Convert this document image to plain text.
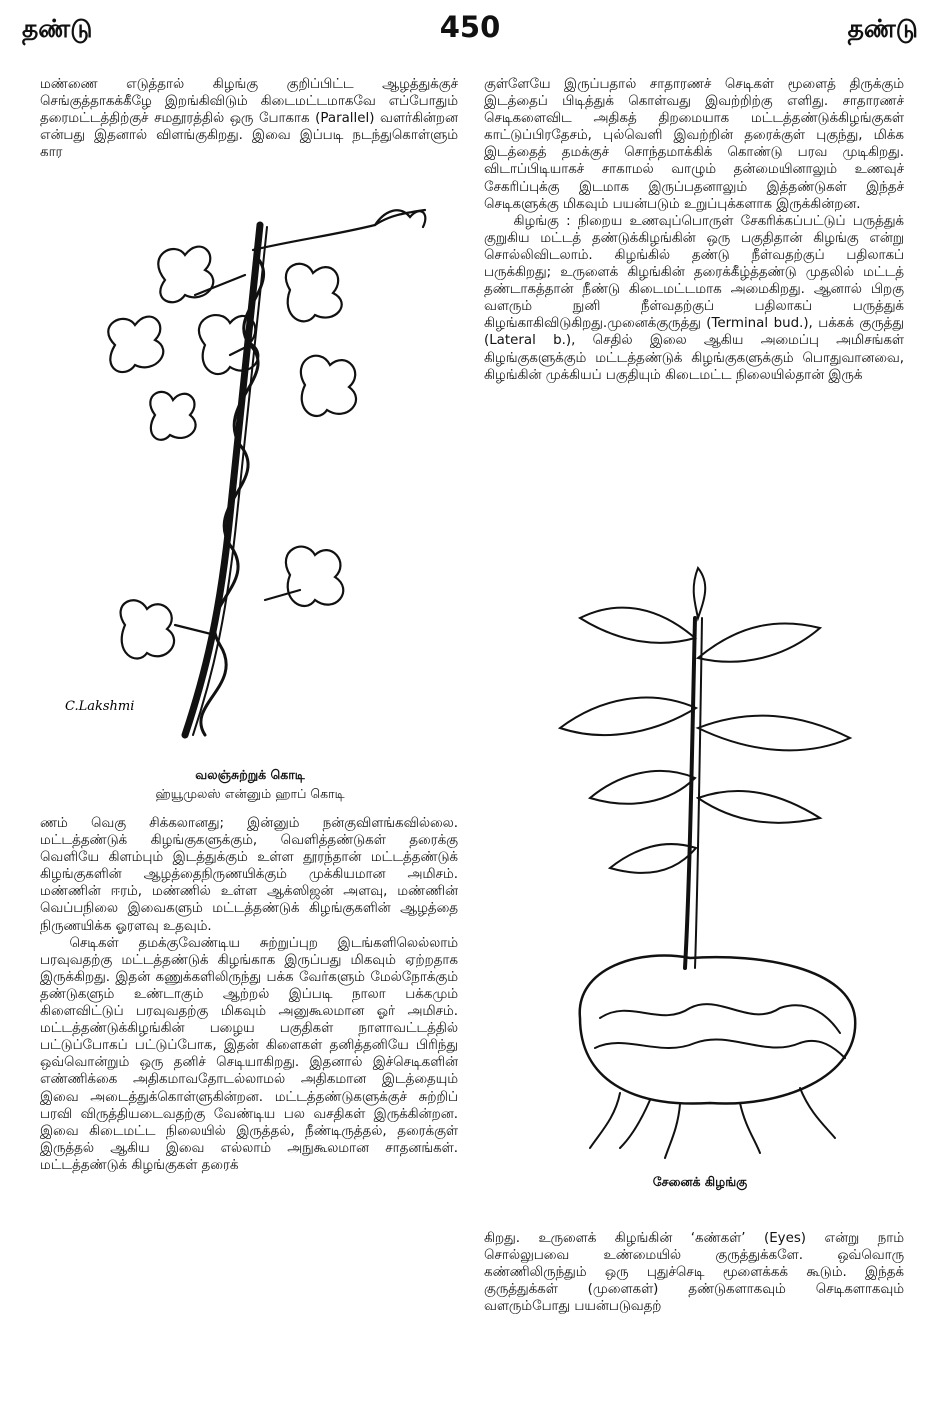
தண்டு	450	தண்டு

மண்ணை எடுத்தால் கிழங்கு குறிப்பிட்ட ஆழத்துக்குச் செங்குத்தாகக்கீழே இறங்கிவிடும் கிடைமட்டமாகவே எப்போதும் தரைமட்டத்திற்குச் சமதூரத்தில் ஒரு போகாக (Parallel) வளர்கின்றன என்பது இதனால் விளங்குகிறது. இவை இப்படி நடந்துகொள்ளும் கார

குள்ளேயே இருப்பதால் சாதாரணச் செடிகள் மூளைத் திருக்கும் இடத்தைப் பிடித்துக் கொள்வது இவற்றிற்கு எளிது. சாதாரணச் செடிகளைவிட அதிகத் திறமையாக மட்டத்தண்டுக்கிழங்குகள் காட்டுப்பிரதேசம், புல்வெளி இவற்றின் தரைக்குள் புகுந்து, மிக்க இடத்தைத் தமக்குச் சொந்தமாக்கிக் கொண்டு பரவ முடிகிறது. விடாப்பிடியாகச் சாகாமல் வாழும் தன்மையினாலும் உணவுச் சேகரிப்புக்கு இடமாக இருப்பதனாலும் இத்தண்டுகள் இந்தச் செடிகளுக்கு மிகவும் பயன்படும் உறுப்புக்களாக இருக்கின்றன.

கிழங்கு : நிறைய உணவுப்பொருள் சேகரிக்கப்பட்டுப் பருத்துக் குறுகிய மட்டத் தண்டுக்கிழங்கின் ஒரு பகுதிதான் கிழங்கு என்று சொல்லிவிடலாம். கிழங்கில் தண்டு நீள்வதற்குப் பதிலாகப் பருக்கிறது; உருளைக் கிழங்கின் தரைக்கீழ்த்தண்டு முதலில் மட்டத் தண்டாகத்தான் நீண்டு கிடைமட்டமாக அமைகிறது. ஆனால் பிறகு வளரும் நுனி நீள்வதற்குப் பதிலாகப் பருத்துக் கிழங்காகிவிடுகிறது.முனைக்குருத்து (Terminal bud.), பக்கக் குருத்து (Lateral b.), செதில் இலை ஆகிய அமைப்பு அமிசங்கள் கிழங்குகளுக்கும் மட்டத்தண்டுக் கிழங்குகளுக்கும் பொதுவானவை, கிழங்கின் முக்கியப் பகுதியும் கிடைமட்ட நிலையில்தான் இருக்

C.Lakshmi
வலஞ்சுற்றுக் கொடி
ஹ்யூமுலஸ் என்னும் ஹாப் கொடி
சேனைக் கிழங்கு

ணம் வெகு சிக்கலானது; இன்னும் நன்குவிளங்கவில்லை. மட்டத்தண்டுக் கிழங்குகளுக்கும், வெளித்தண்டுகள் தரைக்கு வெளியே கிளம்பும் இடத்துக்கும் உள்ள தூரந்தான் மட்டத்தண்டுக் கிழங்குகளின் ஆழத்தைநிருணயிக்கும் முக்கியமான அமிசம். மண்ணின் ஈரம், மண்ணில் உள்ள ஆக்ஸிஜன் அளவு, மண்ணின் வெப்பநிலை இவைகளும் மட்டத்தண்டுக் கிழங்குகளின் ஆழத்தை நிருணயிக்க ஓரளவு உதவும்.

செடிகள் தமக்குவேண்டிய சுற்றுப்புற இடங்களிலெல்லாம் பரவுவதற்கு மட்டத்தண்டுக் கிழங்காக இருப்பது மிகவும் ஏற்றதாக இருக்கிறது. இதன் கணுக்களிலிருந்து பக்க வேர்களும் மேல்நோக்கும் தண்டுகளும் உண்டாகும் ஆற்றல் இப்படி நாலா பக்கமும் கிளைவிட்டுப் பரவுவதற்கு மிகவும் அனுகூலமான ஓர் அமிசம். மட்டத்தண்டுக்கிழங்கின் பழைய பகுதிகள் நாளாவட்டத்தில் பட்டுப்போகப் பட்டுப்போக, இதன் கிளைகள் தனித்தனியே பிரிந்து ஒவ்வொன்றும் ஒரு தனிச் செடியாகிறது. இதனால் இச்செடிகளின் எண்ணிக்கை அதிகமாவதோடல்லாமல் அதிகமான இடத்தையும் இவை அடைத்துக்கொள்ளுகின்றன. மட்டத்தண்டுகளுக்குச் சுற்றிப் பரவி விருத்தியடைவதற்கு வேண்டிய பல வசதிகள் இருக்கின்றன. இவை கிடைமட்ட நிலையில் இருத்தல், நீண்டிருத்தல், தரைக்குள் இருத்தல் ஆகிய இவை எல்லாம் அநுகூலமான சாதனங்கள். மட்டத்தண்டுக் கிழங்குகள் தரைக்

கிறது. உருளைக் கிழங்கின் ‘கண்கள்’ (Eyes) என்று நாம் சொல்லுபவை உண்மையில் குருத்துக்களே. ஒவ்வொரு கண்ணிலிருந்தும் ஒரு புதுச்செடி மூளைக்கக் கூடும். இந்தக் குருத்துக்கள் (முளைகள்) தண்டுகளாகவும் செடிகளாகவும் வளரும்போது பயன்படுவதற்
